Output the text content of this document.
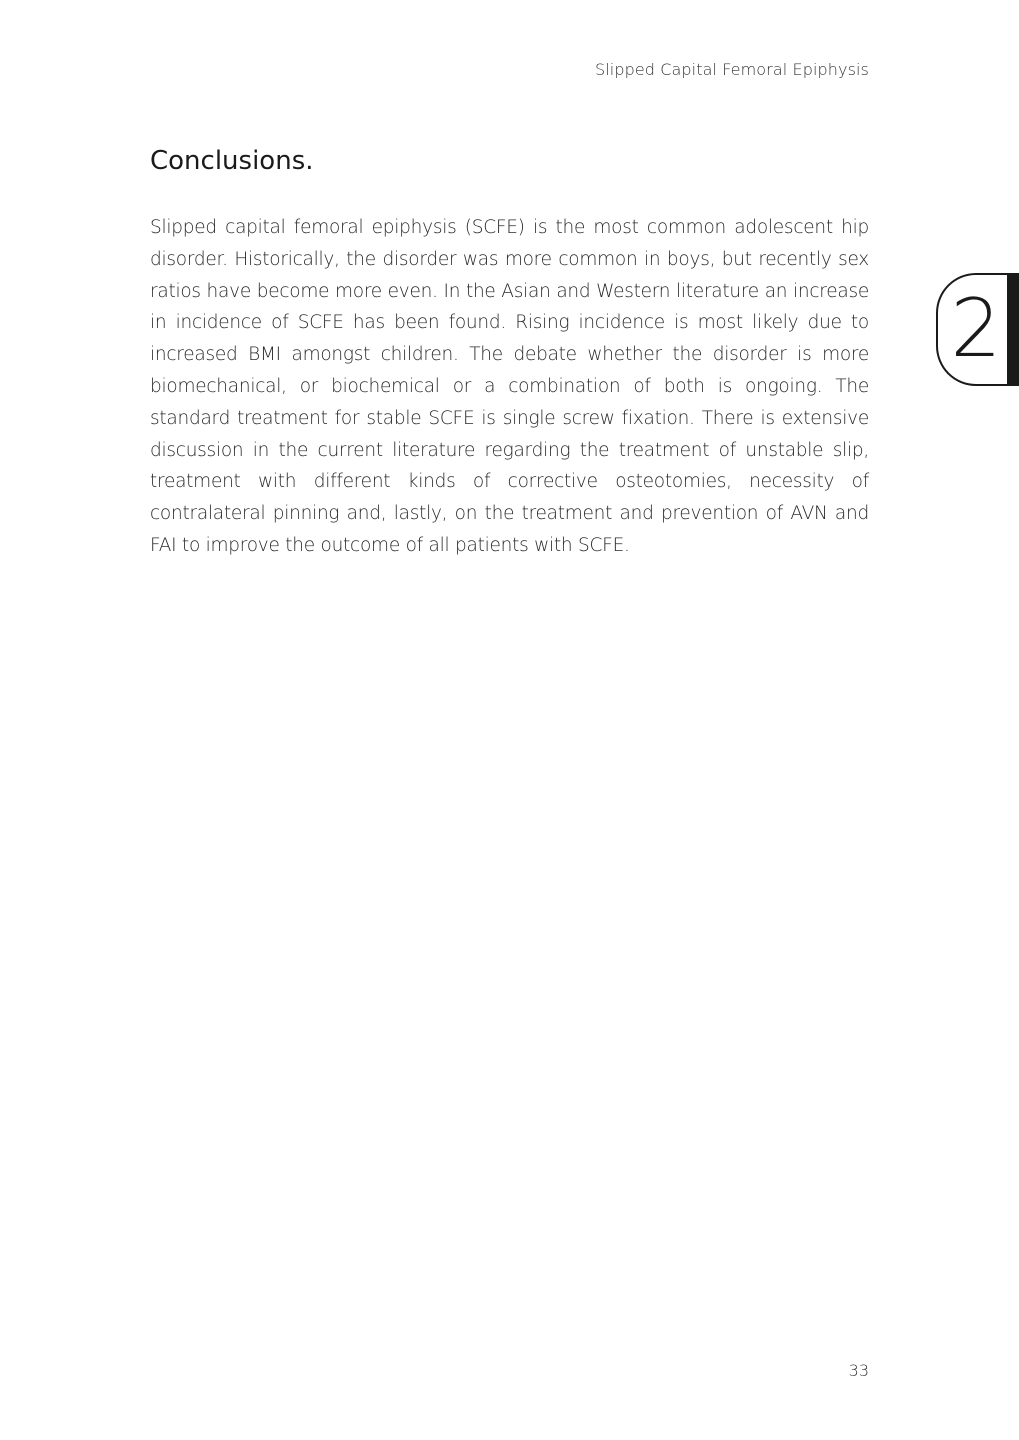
Slipped Capital Femoral Epiphysis
Conclusions.

Slipped capital femoral epiphysis (SCFE) is the most common adolescent hip disorder. Historically, the disorder was more common in boys, but recently sex ratios have become more even. In the Asian and Western literature an increase in incidence of SCFE has been found. Rising incidence is most likely due to increased BMI amongst children. The debate whether the disorder is more biomechanical, or biochemical or a combination of both is ongoing. The standard treatment for stable SCFE is single screw fixation. There is extensive discussion in the current literature regarding the treatment of unstable slip, treatment with different kinds of corrective osteotomies, necessity of contralateral pinning and, lastly, on the treatment and prevention of AVN and FAI to improve the outcome of all patients with SCFE.

2
33
